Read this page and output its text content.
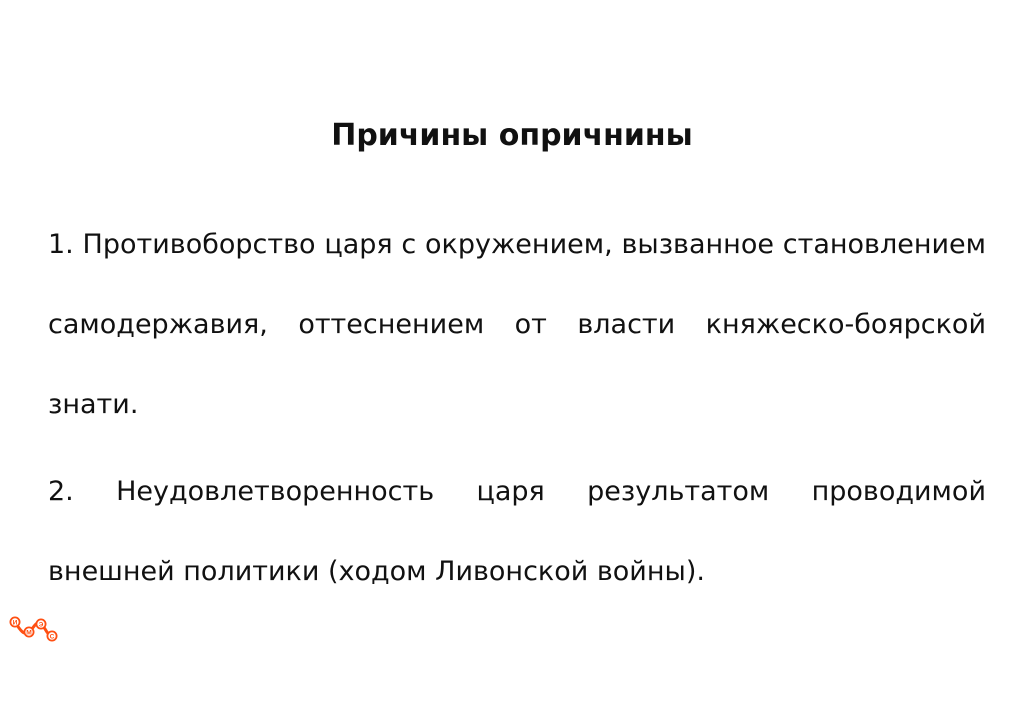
Причины опричнины
1. Противоборство царя с окружением, вызванное становлением самодержавия, оттеснением от власти княжеско-боярской знати.
2. Неудовлетворенность царя результатом проводимой внешней политики (ходом Ливонской войны).
И
М
Э
С
